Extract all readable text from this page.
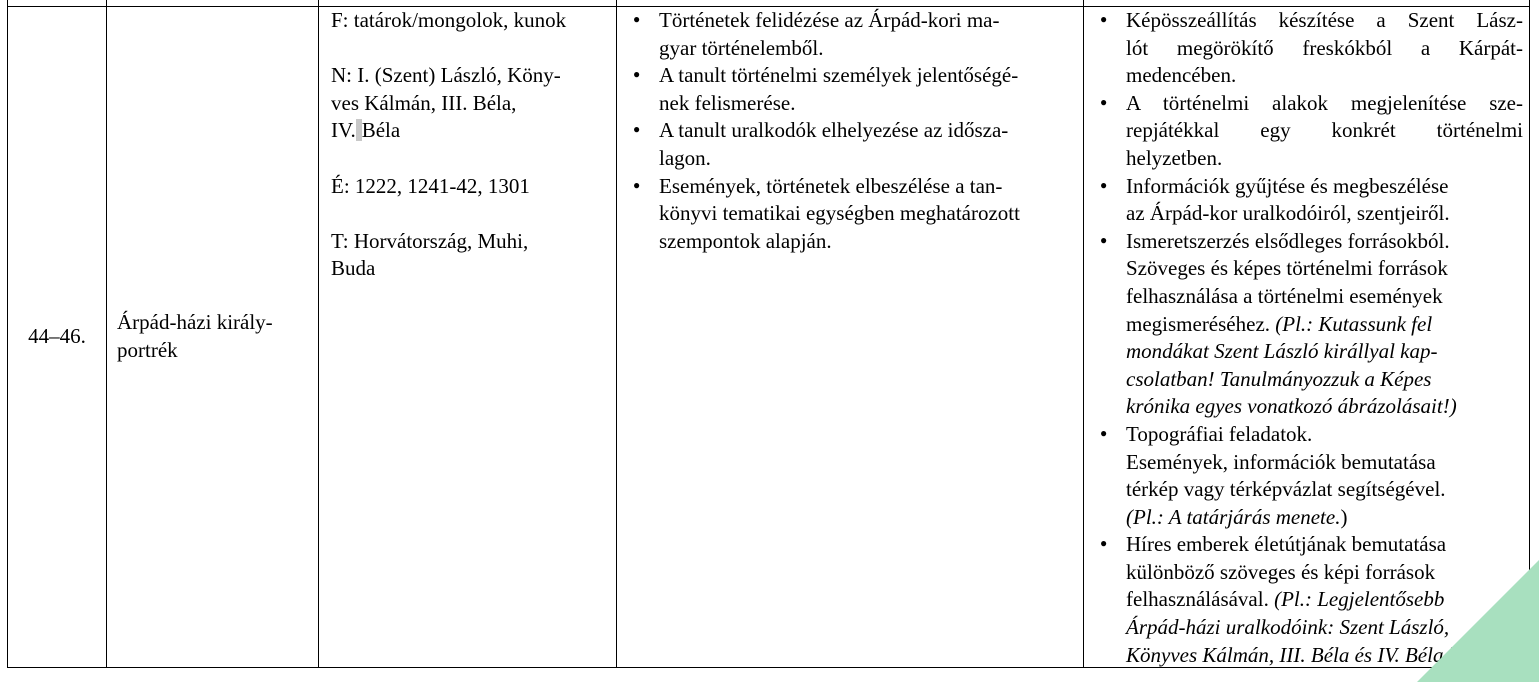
44–46.
Árpád-házi király-
portrék

F: tatárok/mongolok, kunok

N: I. (Szent) László, Köny-

ves Kálmán, III. Béla,

IV. Béla

É: 1222, 1241-42, 1301

T: Horvátország, Muhi,

Buda

● Történetek felidézése az Árpád-kori ma-
gyar történelemből.
● A tanult történelmi személyek jelentőségé-
nek felismerése.
● A tanult uralkodók elhelyezése az idősza-
lagon.
● Események, történetek elbeszélése a tan-
könyvi tematikai egységben meghatározott
szempontok alapján.
● Képösszeállítás készítése a Szent Lász-
lót megörökítő freskókból a Kárpát-
medencében.
● A történelmi alakok megjelenítése sze-
repjátékkal egy konkrét történelmi
helyzetben.
● Információk gyűjtése és megbeszélése
az Árpád-kor uralkodóiról, szentjeiről.
● Ismeretszerzés elsődleges forrásokból.
Szöveges és képes történelmi források
felhasználása a történelmi események
megismeréséhez. (Pl.: Kutassunk fel
mondákat Szent László királlyal kap-
csolatban! Tanulmányozzuk a Képes
krónika egyes vonatkozó ábrázolásait!)
● Topográfiai feladatok.
Események, információk bemutatása
térkép vagy térképvázlat segítségével.
(Pl.: A tatárjárás menete.)
● Híres emberek életútjának bemutatása
különböző szöveges és képi források
felhasználásával. (Pl.: Legjelentősebb
Árpád-házi uralkodóink: Szent László,
Könyves Kálmán, III. Béla és IV. Béla.)
